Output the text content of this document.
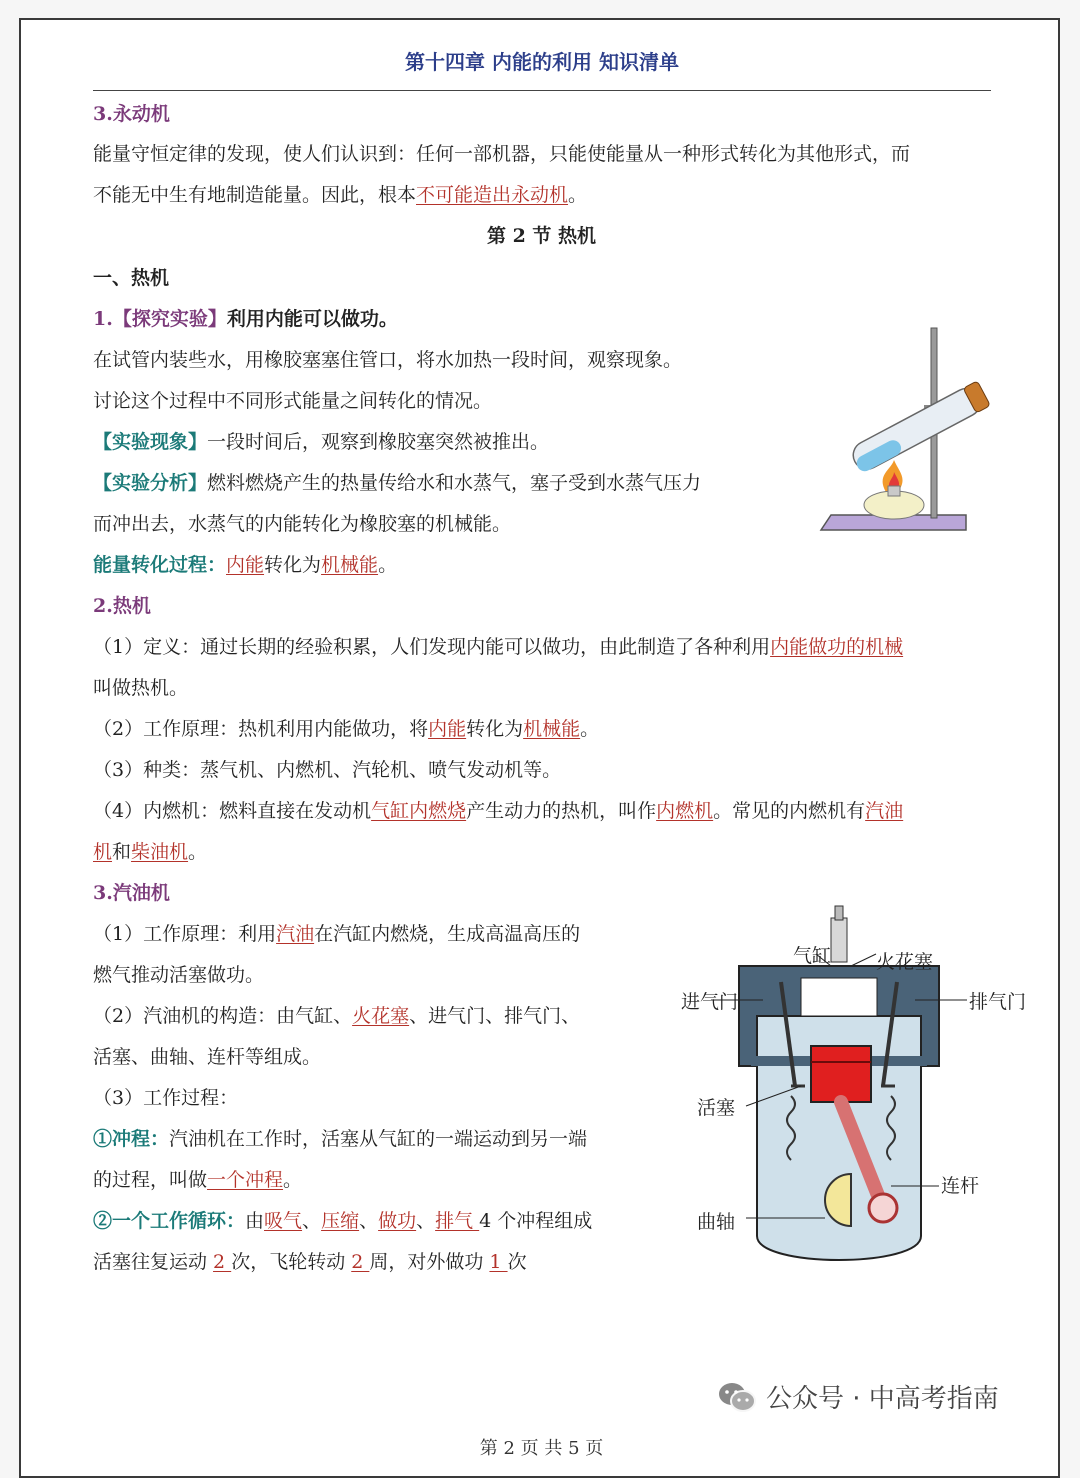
第十四章 内能的利用 知识清单
3.永动机
能量守恒定律的发现，使人们认识到：任何一部机器，只能使能量从一种形式转化为其他形式，而
不能无中生有地制造能量。因此，根本不可能造出永动机。
第 2 节 热机
一、热机
1.【探究实验】利用内能可以做功。
在试管内装些水，用橡胶塞塞住管口，将水加热一段时间，观察现象。
讨论这个过程中不同形式能量之间转化的情况。
【实验现象】一段时间后，观察到橡胶塞突然被推出。
【实验分析】燃料燃烧产生的热量传给水和水蒸气，塞子受到水蒸气压力
而冲出去，水蒸气的内能转化为橡胶塞的机械能。
能量转化过程：内能转化为机械能。
2.热机
（1）定义：通过长期的经验积累，人们发现内能可以做功，由此制造了各种利用内能做功的机械
叫做热机。
（2）工作原理：热机利用内能做功，将内能转化为机械能。
（3）种类：蒸气机、内燃机、汽轮机、喷气发动机等。
（4）内燃机：燃料直接在发动机气缸内燃烧产生动力的热机，叫作内燃机。常见的内燃机有汽油
机和柴油机。
3.汽油机
（1）工作原理：利用汽油在汽缸内燃烧，生成高温高压的
燃气推动活塞做功。
（2）汽油机的构造：由气缸、火花塞、进气门、排气门、
活塞、曲轴、连杆等组成。
（3）工作过程：
①冲程：汽油机在工作时，活塞从气缸的一端运动到另一端
的过程，叫做一个冲程。
②一个工作循环：由吸气、压缩、做功、排气 4 个冲程组成
活塞往复运动 2 次，飞轮转动 2 周，对外做功 1 次
气缸 火花塞
进气门	排气门
活塞
连杆
曲轴
第 2 页 共 5 页
公众号 · 中高考指南
